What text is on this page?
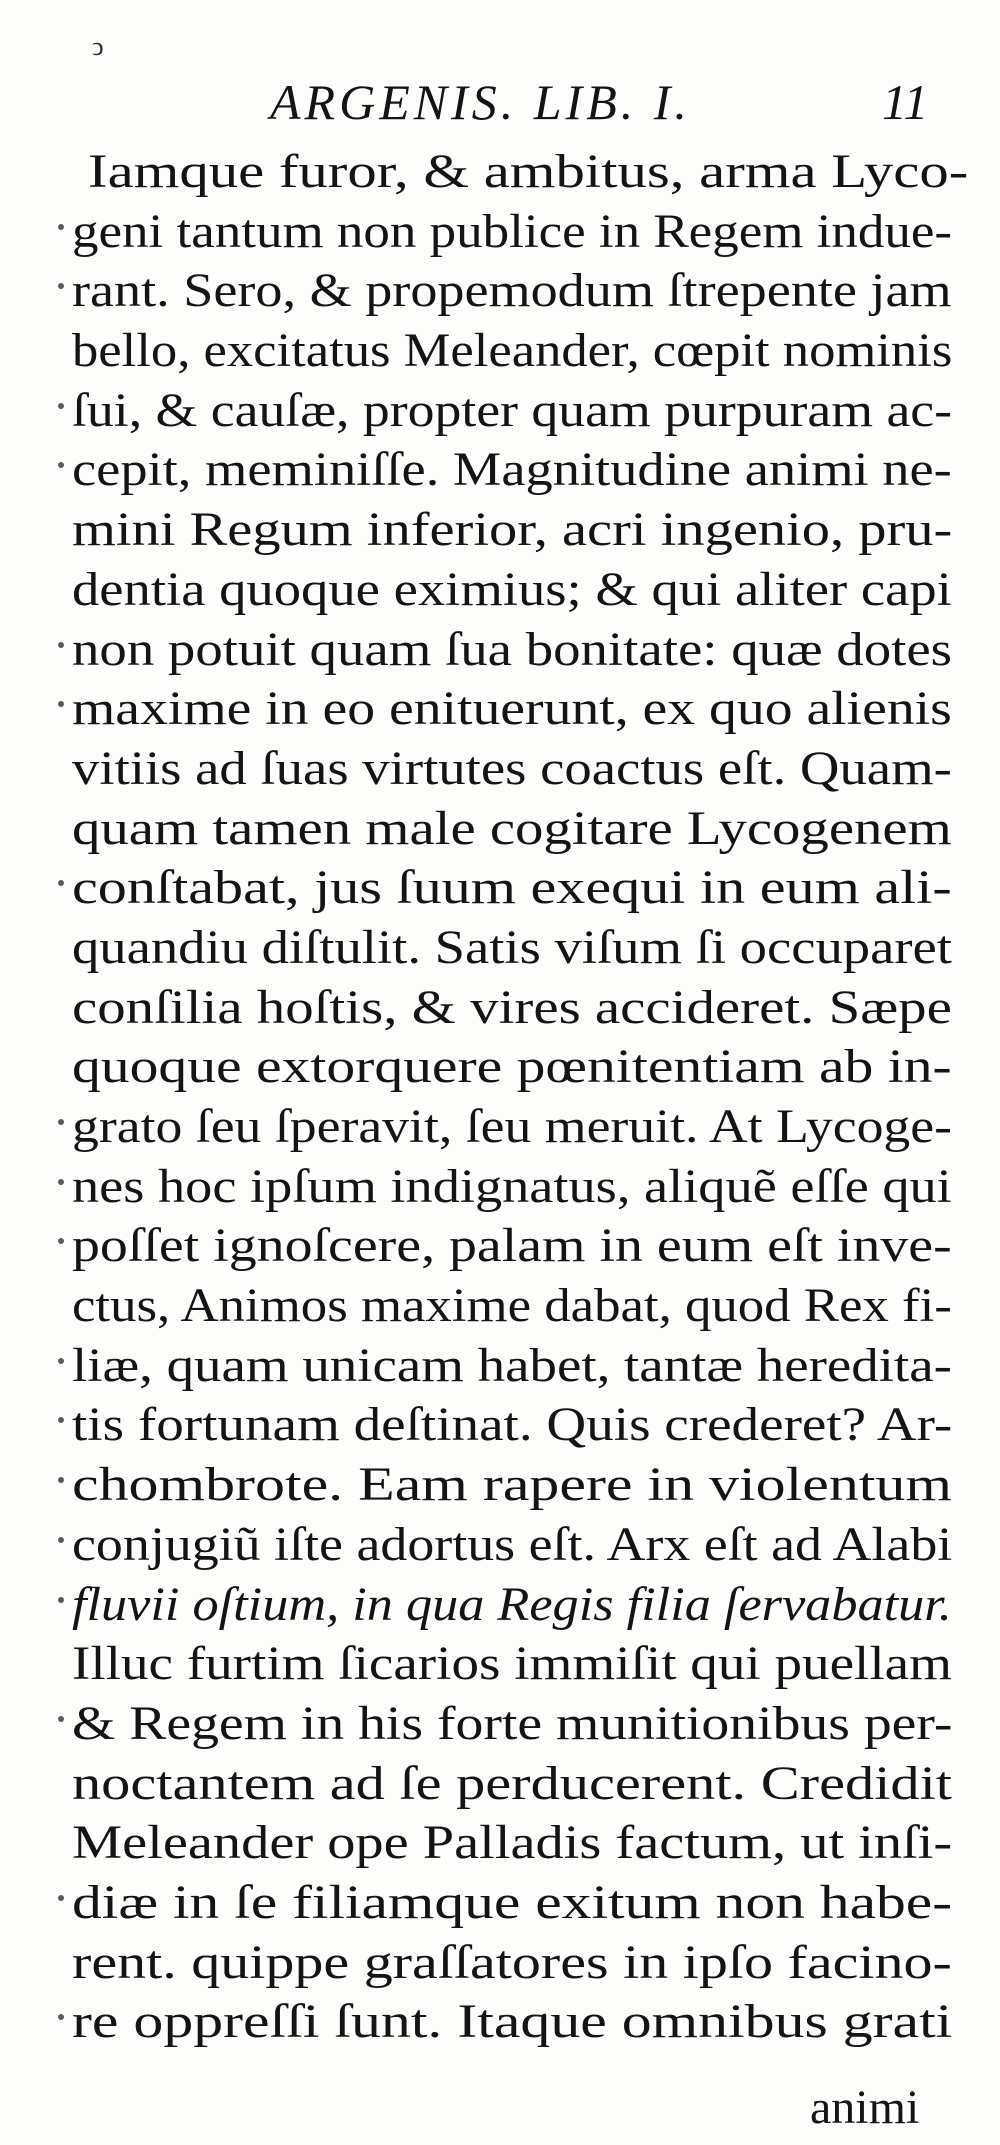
ↄ
ARGENIS. LIB. I.	11
Iamque furor, & ambitus, arma Lyco-
geni tantum non publice in Regem indue-
rant. Sero, & propemodum ſtrepente jam
bello, excitatus Meleander, cœpit nominis
ſui, & cauſæ, propter quam purpuram ac-
cepit, meminiſſe. Magnitudine animi ne-
mini Regum inferior, acri ingenio, pru-
dentia quoque eximius; & qui aliter capi
non potuit quam ſua bonitate: quæ dotes
maxime in eo enituerunt, ex quo alienis
vitiis ad ſuas virtutes coactus eſt. Quam-
quam tamen male cogitare Lycogenem
conſtabat, jus ſuum exequi in eum ali-
quandiu diſtulit. Satis viſum ſi occuparet
conſilia hoſtis, & vires accideret. Sæpe
quoque extorquere pœnitentiam ab in-
grato ſeu ſperavit, ſeu meruit. At Lycoge-
nes hoc ipſum indignatus, aliquẽ eſſe qui
poſſet ignoſcere, palam in eum eſt inve-
ctus, Animos maxime dabat, quod Rex fi-
liæ, quam unicam habet, tantæ hereditа-
tis fortunam deſtinat. Quis crederet? Ar-
chombrote. Eam rapere in violentum
conjugiũ iſte adortus eſt. Arx eſt ad Alabi
fluvii oſtium, in qua Regis filia ſervabatur.
Illuc furtim ſicarios immiſit qui puellam
& Regem in his forte munitionibus per-
noctantem ad ſe perducerent. Credidit
Meleander ope Palladis factum, ut inſi-
diæ in ſe filiamque exitum non habe-
rent. quippe graſſatores in ipſo facino-
re oppreſſi ſunt. Itaque omnibus grati
animi
